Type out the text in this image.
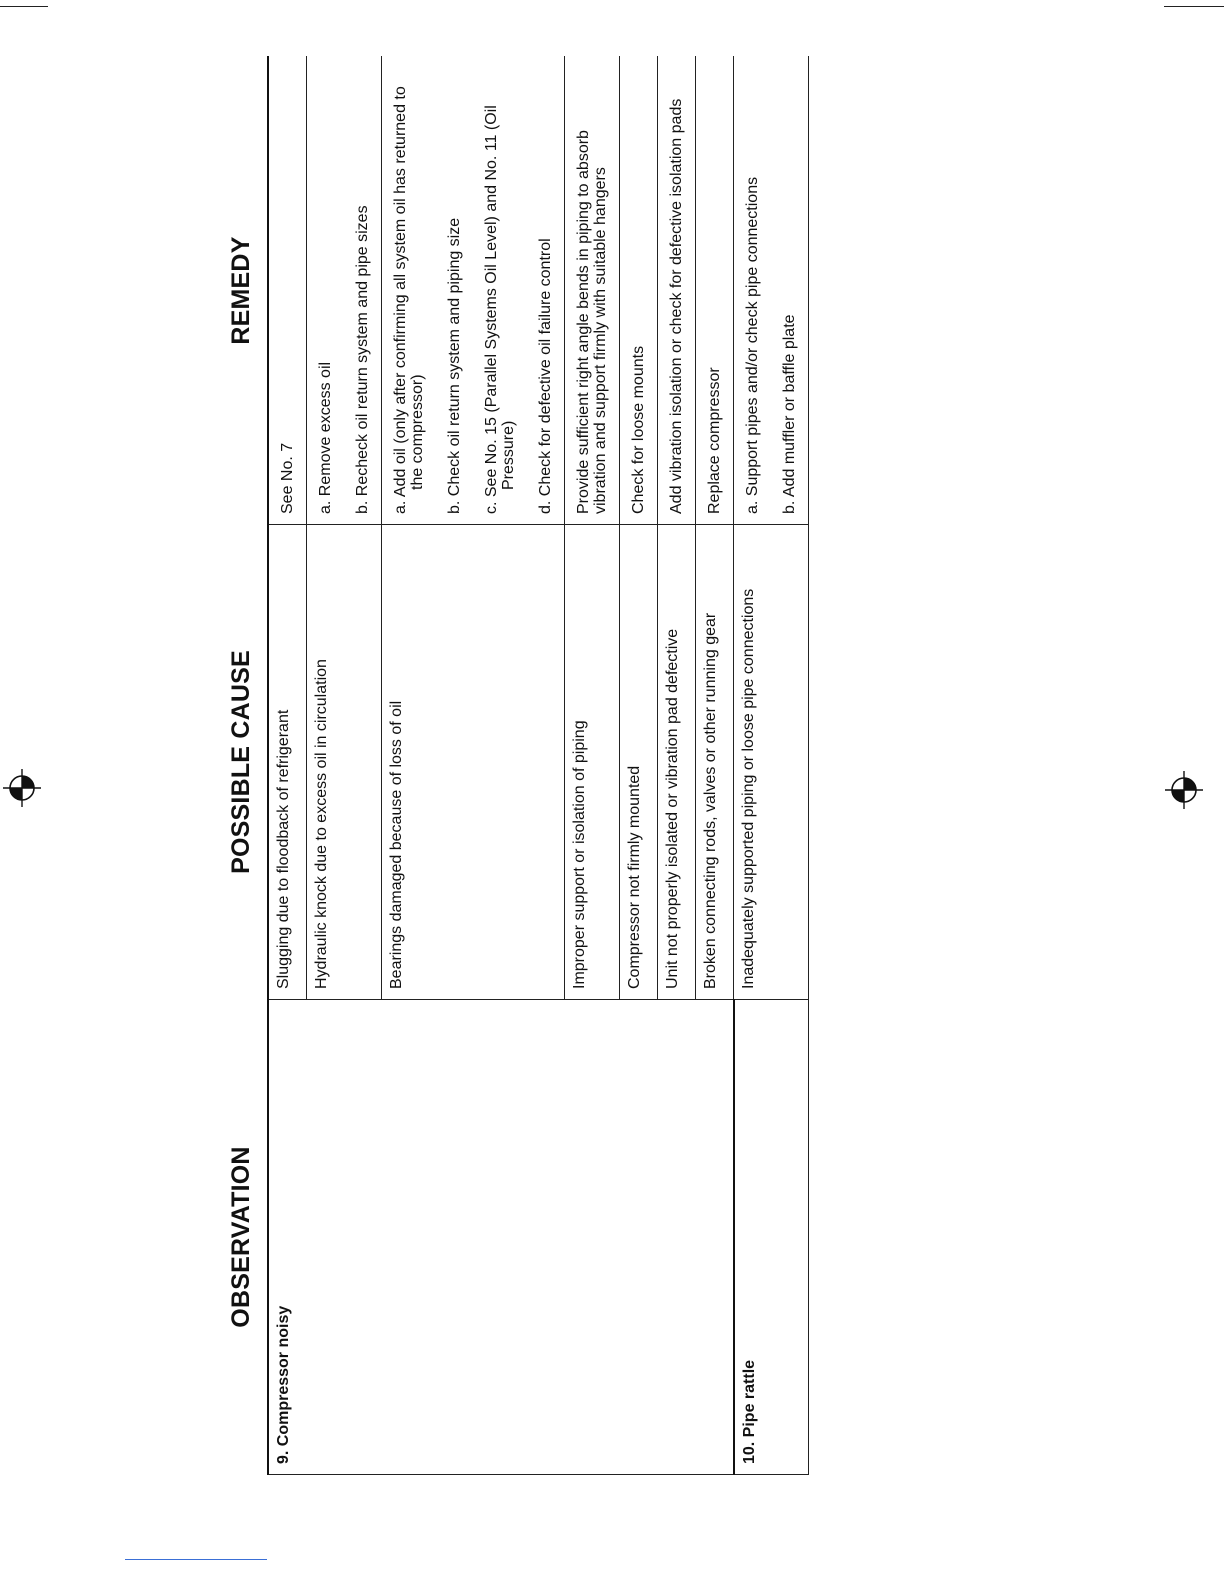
OBSERVATION	POSSIBLE CAUSE	REMEDY
9. Compressor noisy	Slugging due to floodback of refrigerant	See No. 7

	Hydraulic knock due to excess oil in circulation	a. Remove excess oil b. Recheck oil return system and pipe sizes

	Bearings damaged because of loss of oil	a. Add oil (only after confirming all system oil has returned to the compressor) b. Check oil return system and piping size c. See No. 15 (Parallel Systems Oil Level) and No. 11 (Oil Pressure) d. Check for defective oil failure control

	Improper support or isolation of piping	Provide sufficient right angle bends in piping to absorb vibration and support firmly with suitable hangers

	Compressor not firmly mounted	Check for loose mounts

	Unit not properly isolated or vibration pad defective	Add vibration isolation or check for defective isolation pads

	Broken connecting rods, valves or other running gear	Replace compressor

10. Pipe rattle	Inadequately supported piping or loose pipe connections	a. Support pipes and/or check pipe connections b. Add muffler or baffle plate
